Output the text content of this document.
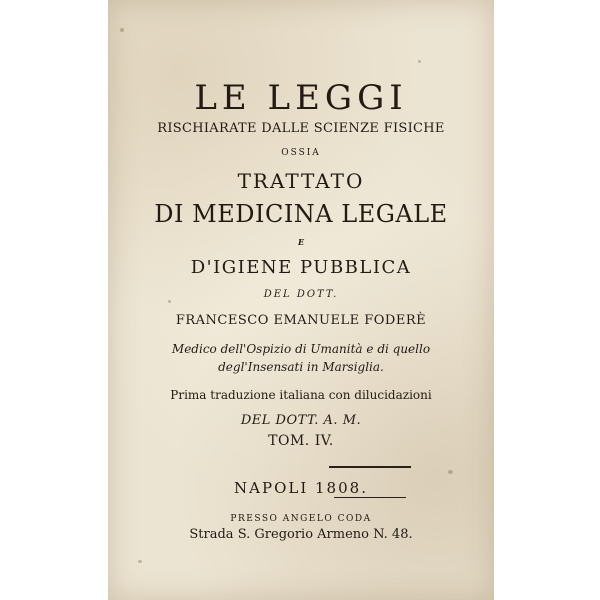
LE LEGGI
RISCHIARATE DALLE SCIENZE FISICHE
OSSIA
TRATTATO
DI MEDICINA LEGALE
E
D'IGIENE PUBBLICA
DEL DOTT.
FRANCESCO EMANUELE FODERÈ
Medico dell'Ospizio di Umanità e di quello
degl'Insensati in Marsiglia.
Prima traduzione italiana con dilucidazioni
DEL DOTT. A. M.
TOM. IV.
NAPOLI 1808.
PRESSO ANGELO CODA
Strada S. Gregorio Armeno N. 48.
